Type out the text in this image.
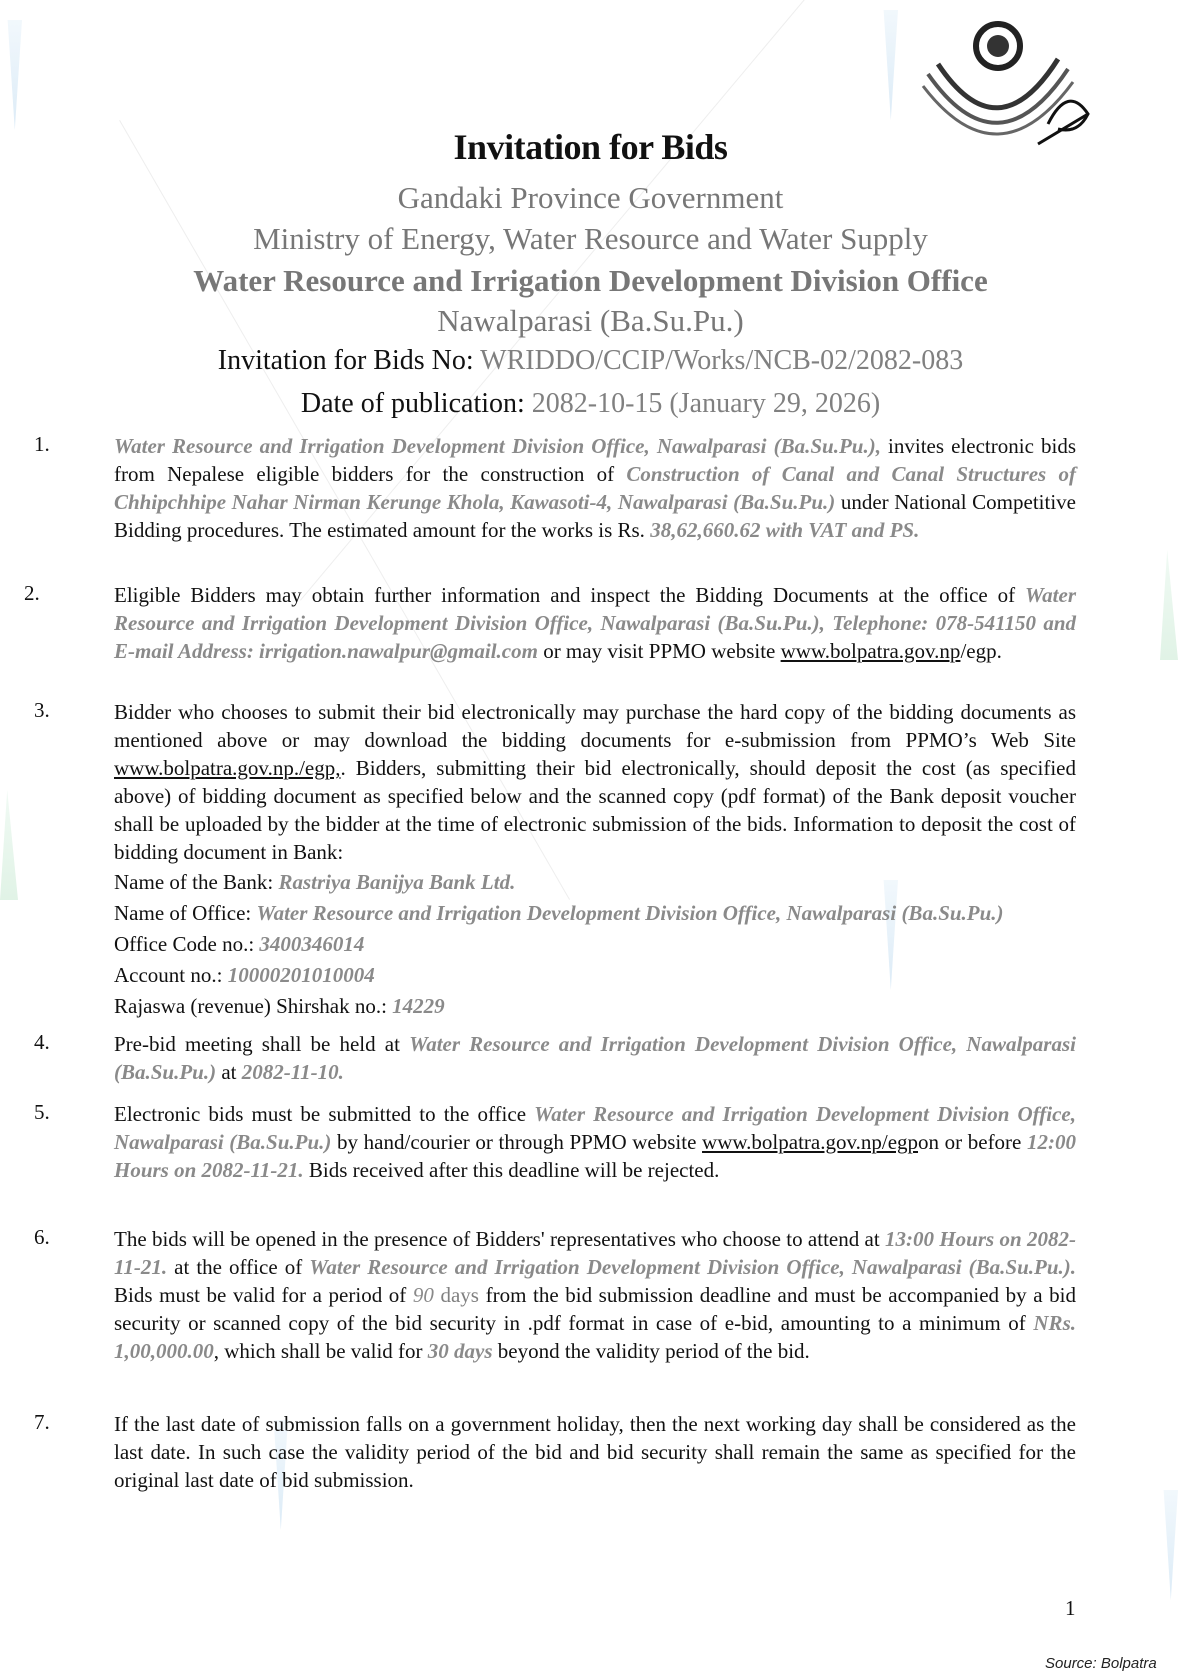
Invitation for Bids
Gandaki Province Government
Ministry of Energy, Water Resource and Water Supply
Water Resource and Irrigation Development Division Office
Nawalparasi (Ba.Su.Pu.)
Invitation for Bids No: WRIDDO/CCIP/Works/NCB-02/2082-083
Date of publication: 2082-10-15 (January 29, 2026)
1.	Water Resource and Irrigation Development Division Office, Nawalparasi (Ba.Su.Pu.), invites electronic bids from Nepalese eligible bidders for the construction of Construction of Canal and Canal Structures of Chhipchhipe Nahar Nirman Kerunge Khola, Kawasoti-4, Nawalparasi (Ba.Su.Pu.) under National Competitive Bidding procedures. The estimated amount for the works is Rs. 38,62,660.62 with VAT and PS.
2.	Eligible Bidders may obtain further information and inspect the Bidding Documents at the office of Water Resource and Irrigation Development Division Office, Nawalparasi (Ba.Su.Pu.), Telephone: 078-541150 and E-mail Address: irrigation.nawalpur@gmail.com or may visit PPMO website www.bolpatra.gov.np/egp.
3.	Bidder who chooses to submit their bid electronically may purchase the hard copy of the bidding documents as mentioned above or may download the bidding documents for e-submission from PPMO’s Web Site www.bolpatra.gov.np./egp,. Bidders, submitting their bid electronically, should deposit the cost (as specified above) of bidding document as specified below and the scanned copy (pdf format) of the Bank deposit voucher shall be uploaded by the bidder at the time of electronic submission of the bids. Information to deposit the cost of bidding document in Bank:
Name of the Bank: Rastriya Banijya Bank Ltd.
Name of Office: Water Resource and Irrigation Development Division Office, Nawalparasi (Ba.Su.Pu.)
Office Code no.: 3400346014
Account no.: 10000201010004
Rajaswa (revenue) Shirshak no.: 14229
4.	Pre-bid meeting shall be held at Water Resource and Irrigation Development Division Office, Nawalparasi (Ba.Su.Pu.) at 2082-11-10.
5.	Electronic bids must be submitted to the office Water Resource and Irrigation Development Division Office, Nawalparasi (Ba.Su.Pu.) by hand/courier or through PPMO website www.bolpatra.gov.np/egpon or before 12:00 Hours on 2082-11-21. Bids received after this deadline will be rejected.
6.	The bids will be opened in the presence of Bidders' representatives who choose to attend at 13:00 Hours on 2082-11-21. at the office of Water Resource and Irrigation Development Division Office, Nawalparasi (Ba.Su.Pu.). Bids must be valid for a period of 90 days from the bid submission deadline and must be accompanied by a bid security or scanned copy of the bid security in .pdf format in case of e-bid, amounting to a minimum of NRs. 1,00,000.00, which shall be valid for 30 days beyond the validity period of the bid.
7.	If the last date of submission falls on a government holiday, then the next working day shall be considered as the last date. In such case the validity period of the bid and bid security shall remain the same as specified for the original last date of bid submission.
1
Source: Bolpatra
